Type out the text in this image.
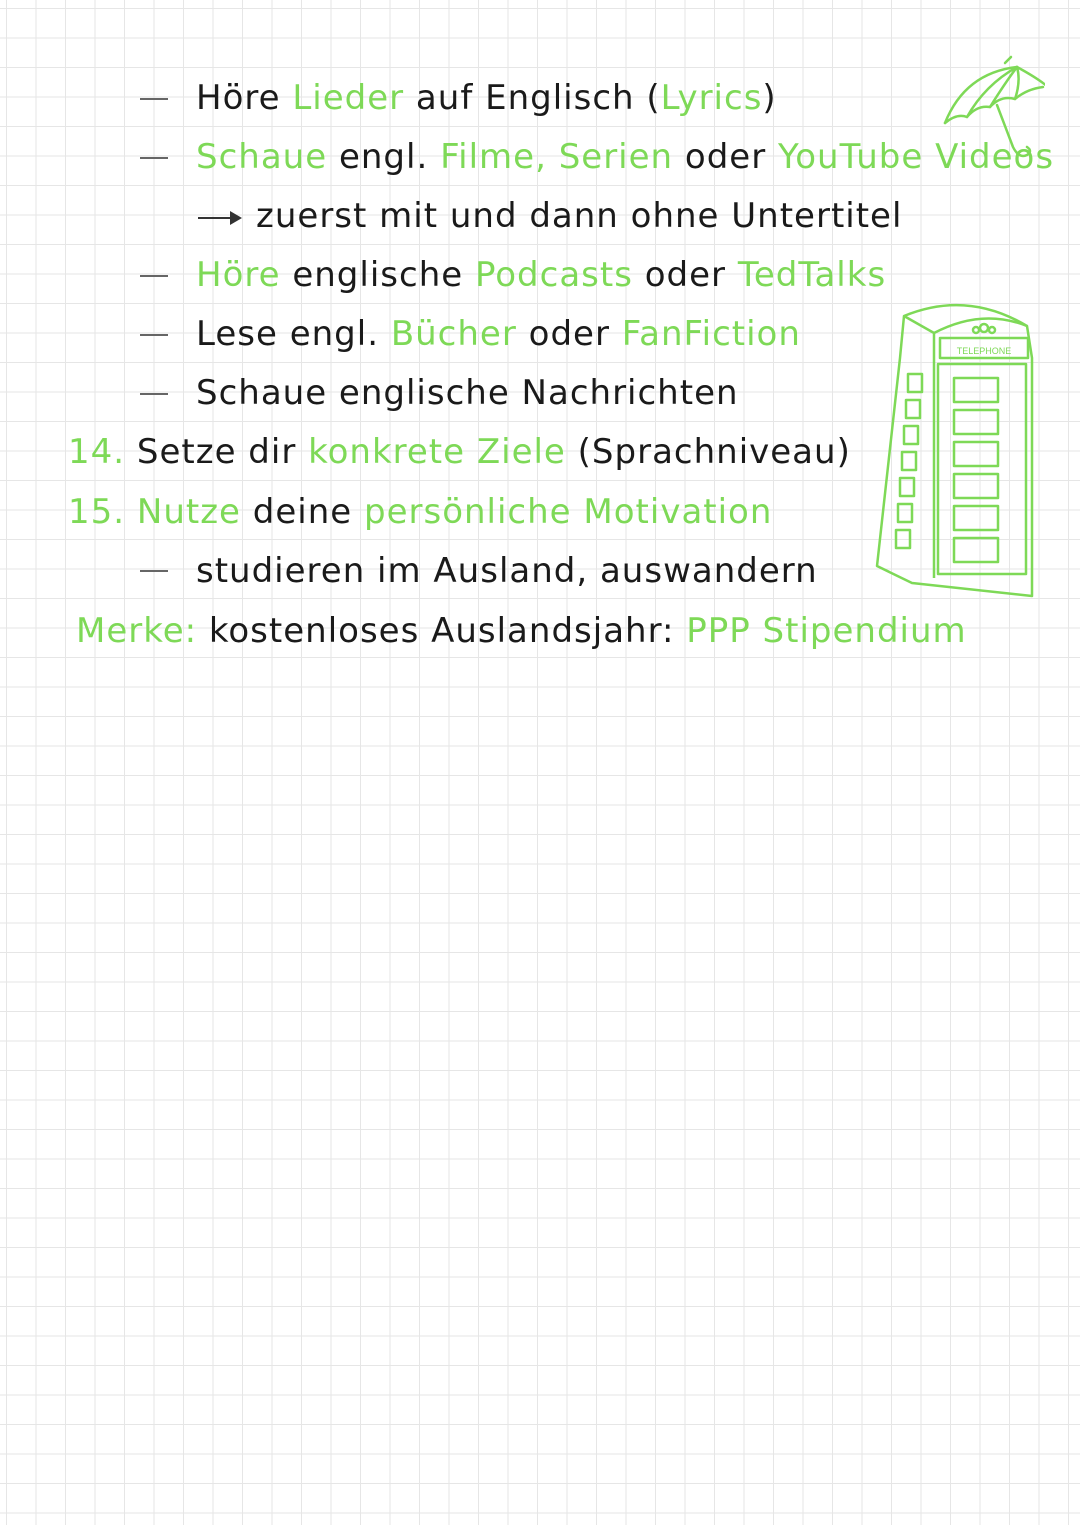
Höre Lieder auf Englisch (Lyrics)
Schaue engl. Filme, Serien oder YouTube Videos
zuerst mit und dann ohne Untertitel
Höre englische Podcasts oder TedTalks
Lese engl. Bücher oder FanFiction
Schaue englische Nachrichten
14. Setze dir konkrete Ziele (Sprachniveau)
15. Nutze deine persönliche Motivation
studieren im Ausland, auswandern
Merke: kostenloses Auslandsjahr: PPP Stipendium
TELEPHONE
